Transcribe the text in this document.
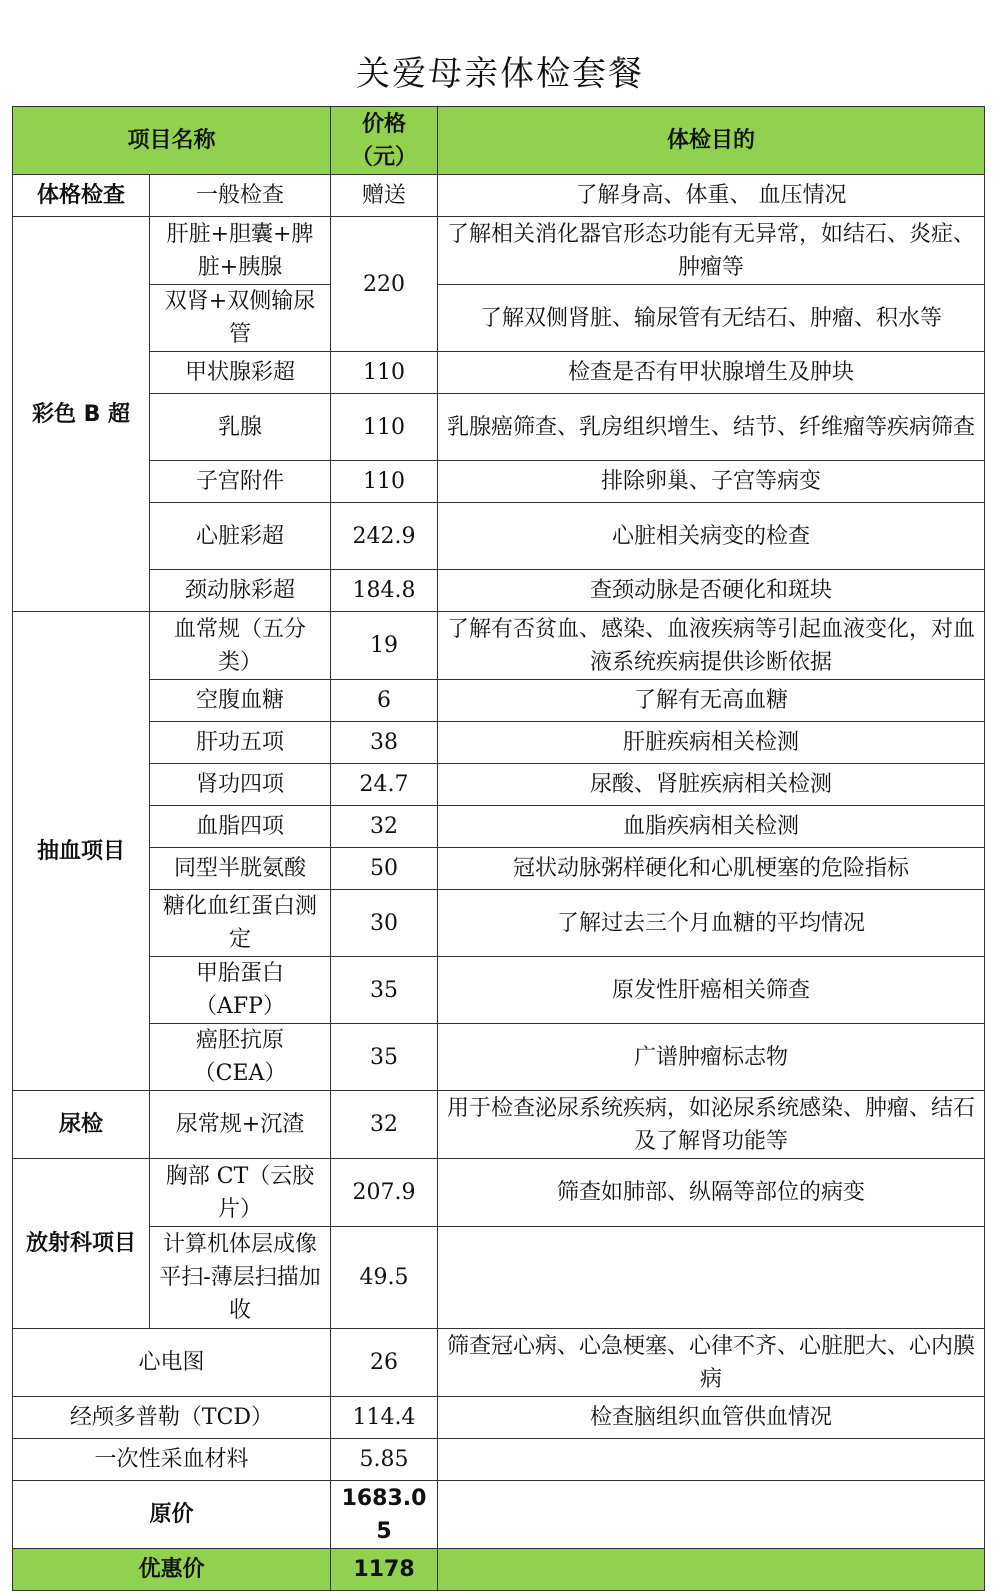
关爱母亲体检套餐
项目名称		价格（元）	体检目的
体格检查	一般检查	赠送	了解身高、体重、 血压情况
彩色 B 超	肝脏+胆囊+脾脏+胰腺	220	了解相关消化器官形态功能有无异常，如结石、炎症、肿瘤等
	双肾+双侧输尿管		了解双侧肾脏、输尿管有无结石、肿瘤、积水等
	甲状腺彩超	110	检查是否有甲状腺增生及肿块
	乳腺	110	乳腺癌筛查、乳房组织增生、结节、纤维瘤等疾病筛查
	子宫附件	110	排除卵巢、子宫等病变
	心脏彩超	242.9	心脏相关病变的检查
	颈动脉彩超	184.8	查颈动脉是否硬化和斑块
抽血项目	血常规（五分类）	19	了解有否贫血、感染、血液疾病等引起血液变化，对血液系统疾病提供诊断依据
	空腹血糖	6	了解有无高血糖
	肝功五项	38	肝脏疾病相关检测
	肾功四项	24.7	尿酸、肾脏疾病相关检测
	血脂四项	32	血脂疾病相关检测
	同型半胱氨酸	50	冠状动脉粥样硬化和心肌梗塞的危险指标
	糖化血红蛋白测定	30	了解过去三个月血糖的平均情况
	甲胎蛋白（AFP）	35	原发性肝癌相关筛查
	癌胚抗原（CEA）	35	广谱肿瘤标志物
尿检	尿常规+沉渣	32	用于检查泌尿系统疾病，如泌尿系统感染、肿瘤、结石及了解肾功能等
放射科项目	胸部 CT（云胶片）	207.9	筛查如肺部、纵隔等部位的病变
	计算机体层成像平扫-薄层扫描加收	49.5	
心电图		26	筛查冠心病、心急梗塞、心律不齐、心脏肥大、心内膜病
经颅多普勒（TCD）		114.4	检查脑组织血管供血情况
一次性采血材料		5.85	
原价		1683.05	
优惠价		1178	
